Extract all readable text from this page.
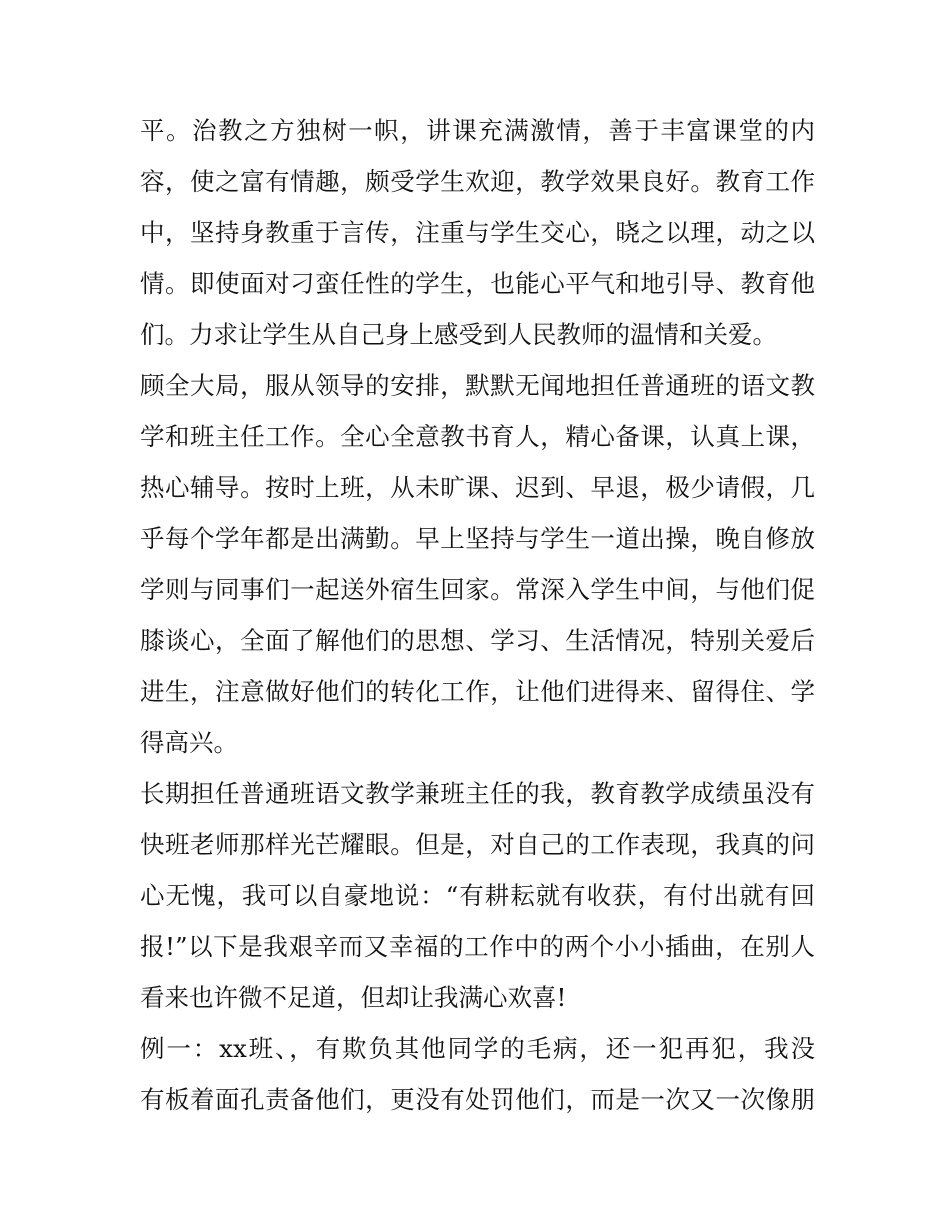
平。治教之方独树一帜，讲课充满激情，善于丰富课堂的内
容，使之富有情趣，颇受学生欢迎，教学效果良好。教育工作
中，坚持身教重于言传，注重与学生交心，晓之以理，动之以
情。即使面对刁蛮任性的学生，也能心平气和地引导、教育他
们。力求让学生从自己身上感受到人民教师的温情和关爱。
顾全大局，服从领导的安排，默默无闻地担任普通班的语文教
学和班主任工作。全心全意教书育人，精心备课，认真上课，
热心辅导。按时上班，从未旷课、迟到、早退，极少请假，几
乎每个学年都是出满勤。早上坚持与学生一道出操，晚自修放
学则与同事们一起送外宿生回家。常深入学生中间，与他们促
膝谈心，全面了解他们的思想、学习、生活情况，特别关爱后
进生，注意做好他们的转化工作，让他们进得来、留得住、学
得高兴。
长期担任普通班语文教学兼班主任的我，教育教学成绩虽没有
快班老师那样光芒耀眼。但是，对自己的工作表现，我真的问
心无愧，我可以自豪地说：“有耕耘就有收获，有付出就有回
报!”以下是我艰辛而又幸福的工作中的两个小小插曲，在别人
看来也许微不足道，但却让我满心欢喜!
例一：xx班、，有欺负其他同学的毛病，还一犯再犯，我没
有板着面孔责备他们，更没有处罚他们，而是一次又一次像朋
